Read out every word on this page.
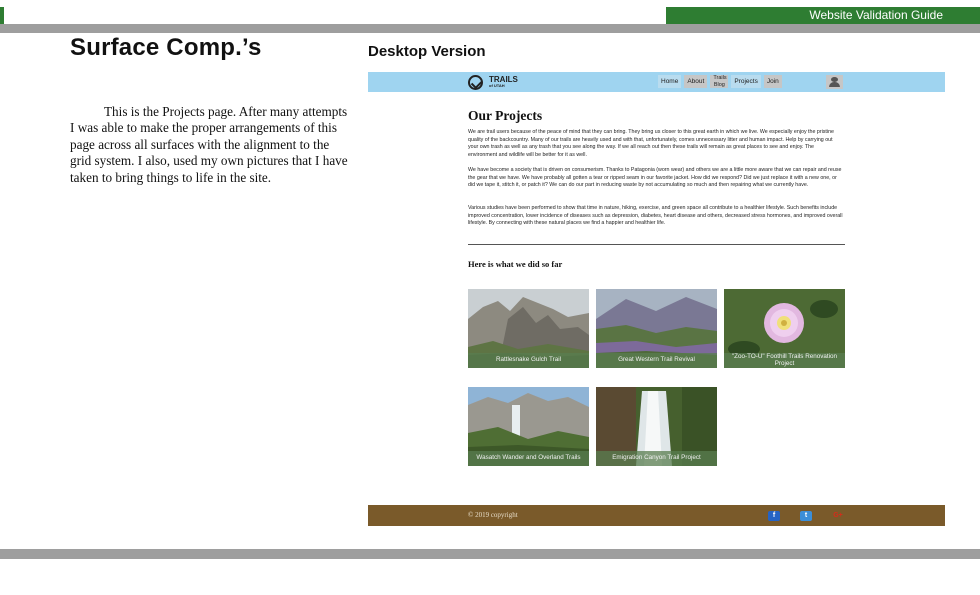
Website Validation Guide
Surface Comp.’s

This is the Projects page. After many attempts I was able to make the proper arrangements of this page across all surfaces with the alignment to the grid system. I also, used my own pictures that I have taken to bring things to life in the site.

Desktop Version
TRAILS
of UTAH
Home	About	Trails Blog	Projects	Join
Our Projects

We are trail users because of the peace of mind that they can bring. They bring us closer to this great earth in which we live. We especially enjoy the pristine quality of the backcountry. Many of our trails are heavily used and with that, unfortunately, comes unnecessary litter and human impact. Help by carrying out your own trash as well as any trash that you see along the way. If we all reach out then these trails will remain as great places to see and enjoy. The environment and wildlife will be better for it as well.

We have become a society that is driven on consumerism. Thanks to Patagonia (worn wear) and others we are a little more aware that we can repair and reuse the gear that we have. We have probably all gotten a tear or ripped seam in our favorite jacket. How did we respond? Did we just replace it with a new one, or did we tape it, stitch it, or patch it? We can do our part in reducing waste by not accumulating so much and then repairing what we currently have.

Various studies have been performed to show that time in nature, hiking, exercise, and green space all contribute to a healthier lifestyle. Such benefits include improved concentration, lower incidence of diseases such as depression, diabetes, heart disease and others, decreased stress hormones, and improved overall lifestyle. By connecting with these natural places we find a happier and healthier life.

Here is what we did so far
Rattlesnake Gulch Trail	Great Western Trail Revival	"Zoo-TO-U" Foothill Trails Renovation Project
Wasatch Wander and Overland Trails	Emigration Canyon Trail Project
© 2019 copyright	f	t	G+
